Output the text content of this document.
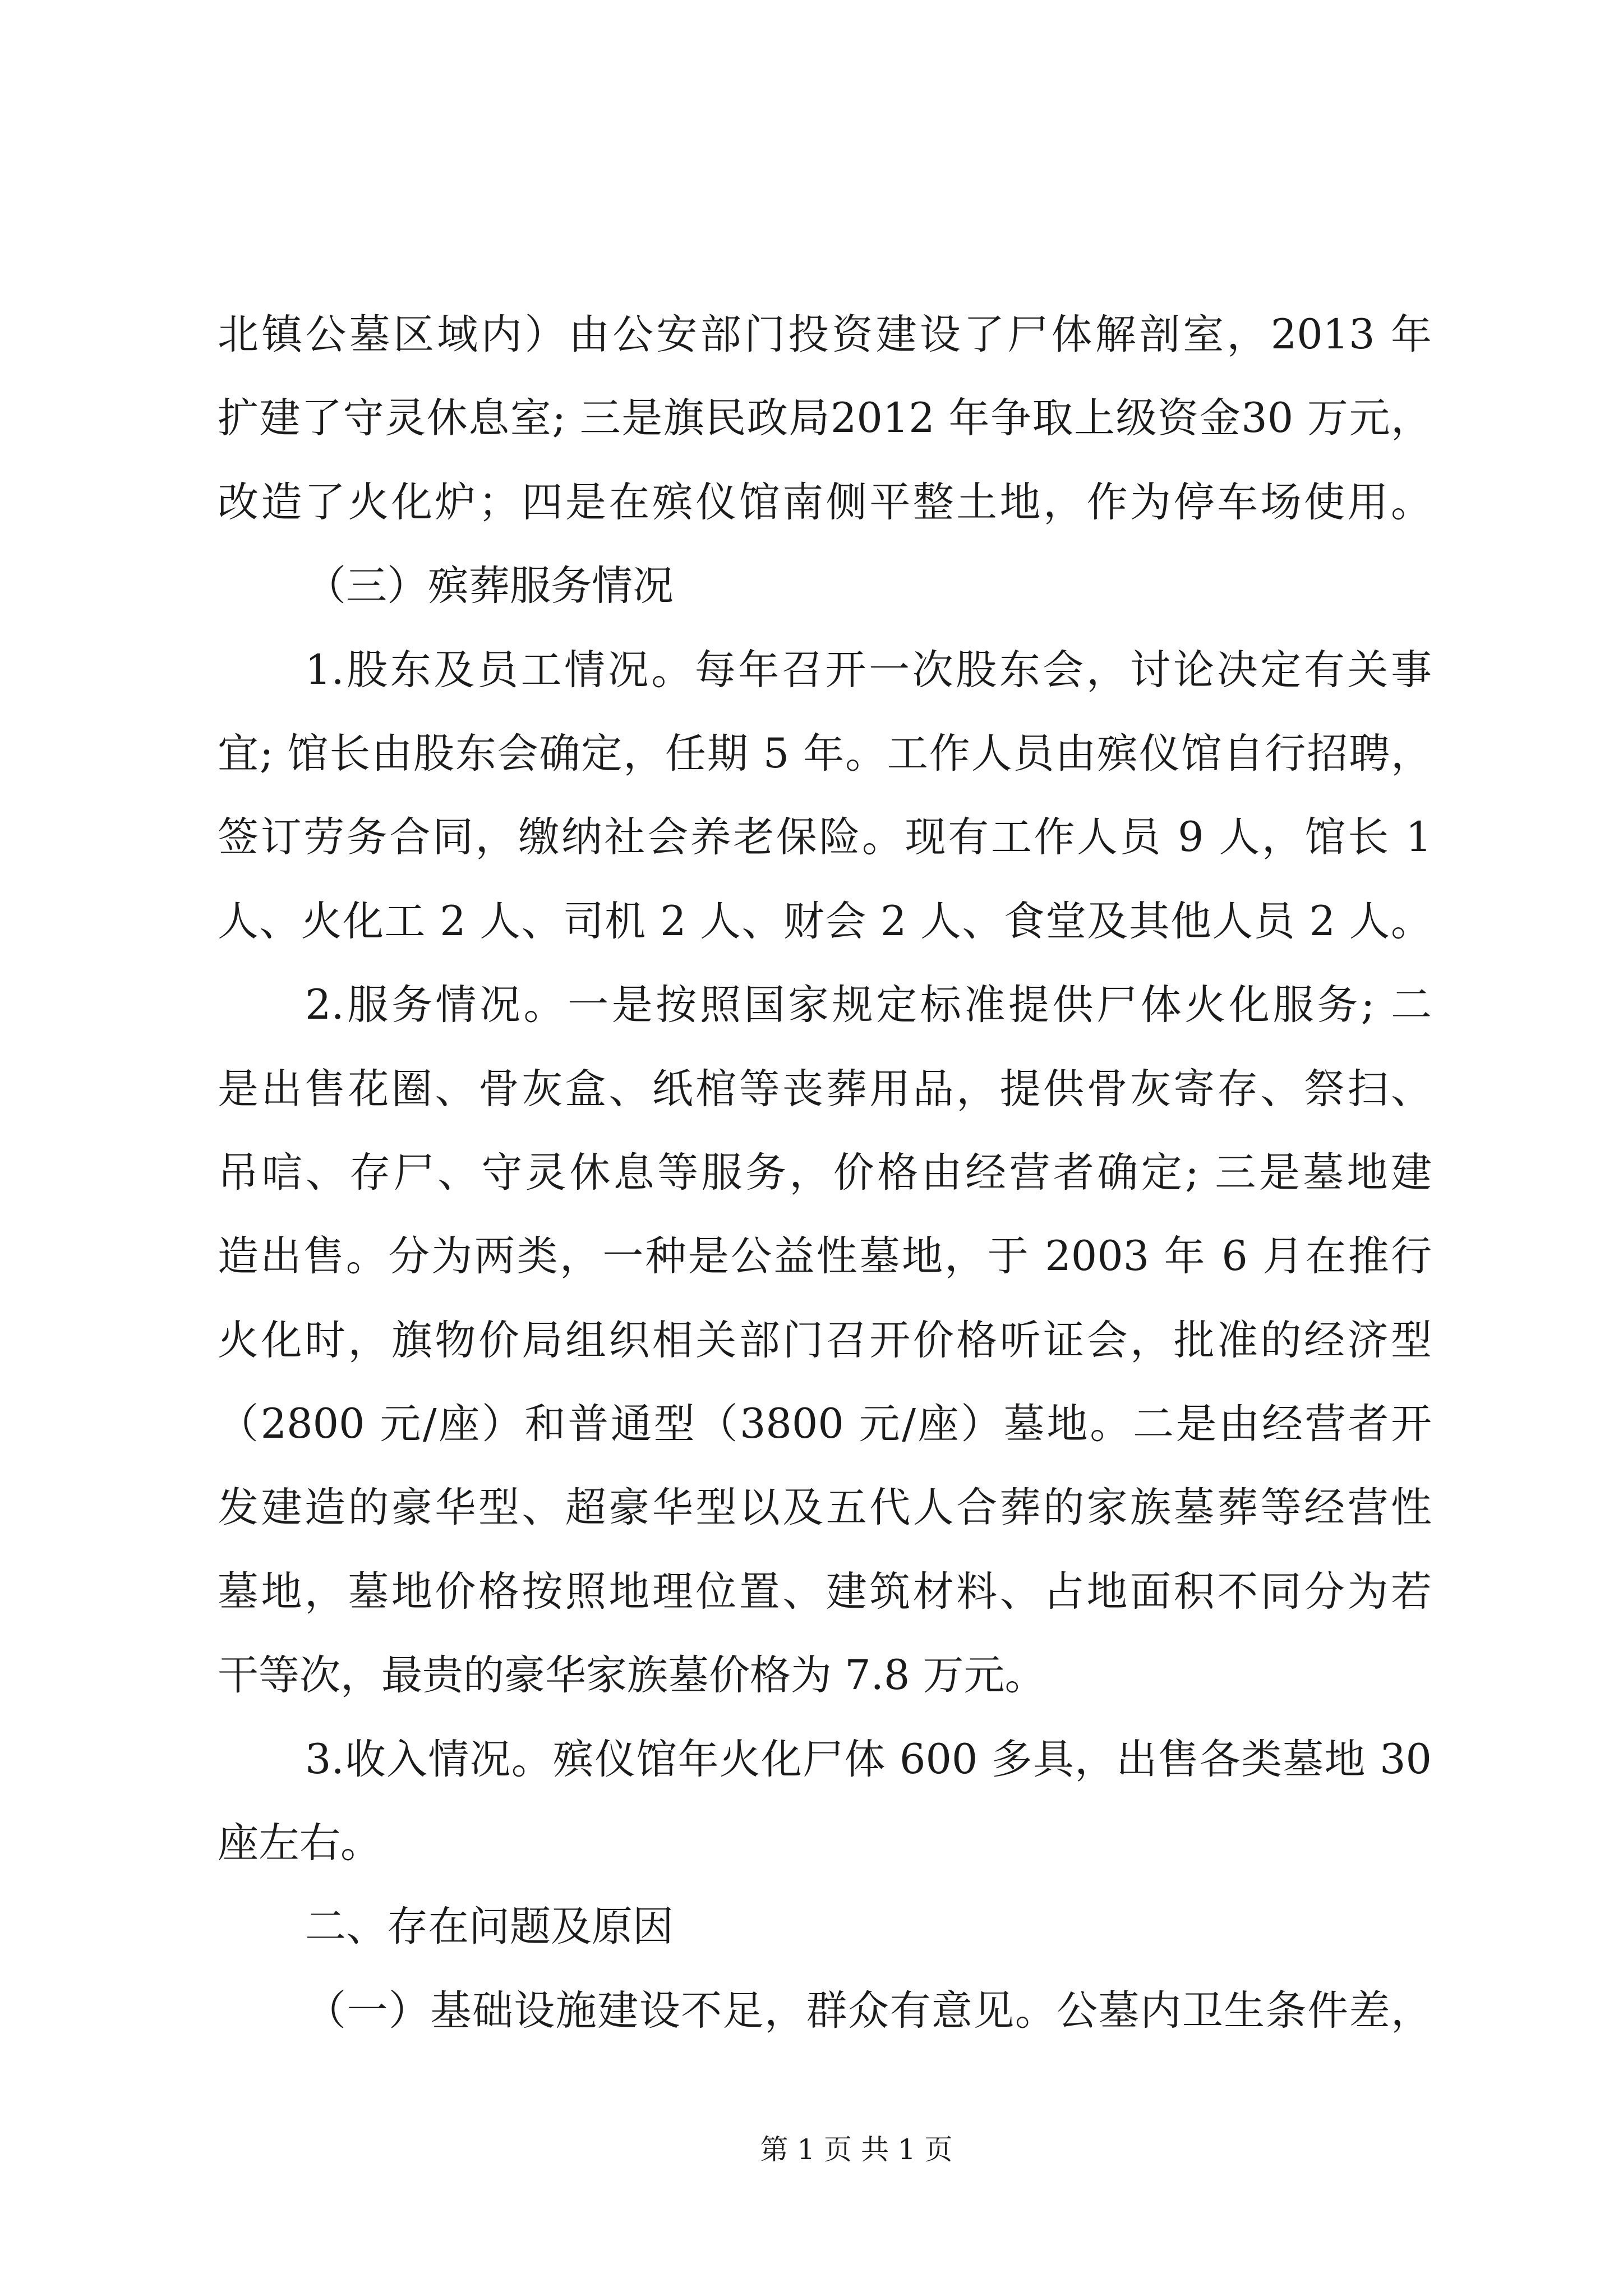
北镇公墓区域内）由公安部门投资建设了尸体解剖室，2013 年
扩建了守灵休息室; 三是旗民政局2012 年争取上级资金30 万元，
改造了火化炉；四是在殡仪馆南侧平整土地，作为停车场使用。
（三）殡葬服务情况
1.股东及员工情况。每年召开一次股东会，讨论决定有关事
宜; 馆长由股东会确定，任期 5 年。工作人员由殡仪馆自行招聘，
签订劳务合同，缴纳社会养老保险。现有工作人员 9 人，馆长 1
人、火化工 2 人、司机 2 人、财会 2 人、食堂及其他人员 2 人。
2.服务情况。一是按照国家规定标准提供尸体火化服务; 二
是出售花圈、骨灰盒、纸棺等丧葬用品，提供骨灰寄存、祭扫、
吊唁、存尸、守灵休息等服务，价格由经营者确定; 三是墓地建
造出售。分为两类，一种是公益性墓地，于 2003 年 6 月在推行
火化时，旗物价局组织相关部门召开价格听证会，批准的经济型
（2800 元/座）和普通型（3800 元/座）墓地。二是由经营者开
发建造的豪华型、超豪华型以及五代人合葬的家族墓葬等经营性
墓地，墓地价格按照地理位置、建筑材料、占地面积不同分为若
干等次，最贵的豪华家族墓价格为 7.8 万元。
3.收入情况。殡仪馆年火化尸体 600 多具，出售各类墓地 30
座左右。
二、存在问题及原因
（一）基础设施建设不足，群众有意见。公墓内卫生条件差，
第 1 页 共 1 页
